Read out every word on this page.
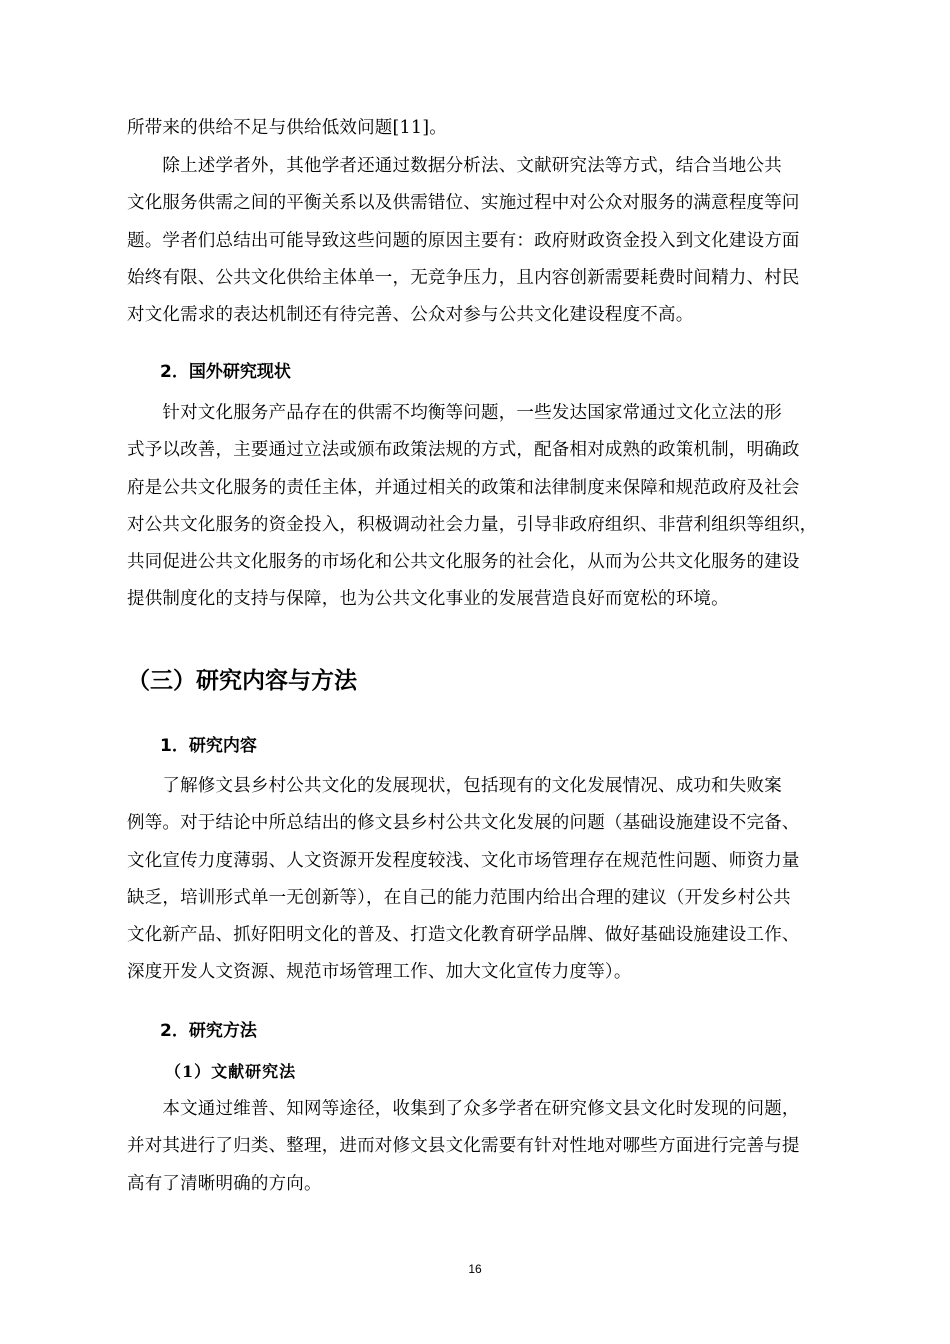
所带来的供给不足与供给低效问题[11]。
　　除上述学者外，其他学者还通过数据分析法、文献研究法等方式，结合当地公共
文化服务供需之间的平衡关系以及供需错位、实施过程中对公众对服务的满意程度等问
题。学者们总结出可能导致这些问题的原因主要有：政府财政资金投入到文化建设方面
始终有限、公共文化供给主体单一，无竞争压力，且内容创新需要耗费时间精力、村民
对文化需求的表达机制还有待完善、公众对参与公共文化建设程度不高。
2．国外研究现状
　　针对文化服务产品存在的供需不均衡等问题，一些发达国家常通过文化立法的形
式予以改善，主要通过立法或颁布政策法规的方式，配备相对成熟的政策机制，明确政
府是公共文化服务的责任主体，并通过相关的政策和法律制度来保障和规范政府及社会
对公共文化服务的资金投入，积极调动社会力量，引导非政府组织、非营利组织等组织，
共同促进公共文化服务的市场化和公共文化服务的社会化，从而为公共文化服务的建设
提供制度化的支持与保障，也为公共文化事业的发展营造良好而宽松的环境。
（三）研究内容与方法
1．研究内容
　　了解修文县乡村公共文化的发展现状，包括现有的文化发展情况、成功和失败案
例等。对于结论中所总结出的修文县乡村公共文化发展的问题（基础设施建设不完备、
文化宣传力度薄弱、人文资源开发程度较浅、文化市场管理存在规范性问题、师资力量
缺乏，培训形式单一无创新等），在自己的能力范围内给出合理的建议（开发乡村公共
文化新产品、抓好阳明文化的普及、打造文化教育研学品牌、做好基础设施建设工作、
深度开发人文资源、规范市场管理工作、加大文化宣传力度等）。
2．研究方法
（1）文献研究法
　　本文通过维普、知网等途径，收集到了众多学者在研究修文县文化时发现的问题，
并对其进行了归类、整理，进而对修文县文化需要有针对性地对哪些方面进行完善与提
高有了清晰明确的方向。
16
